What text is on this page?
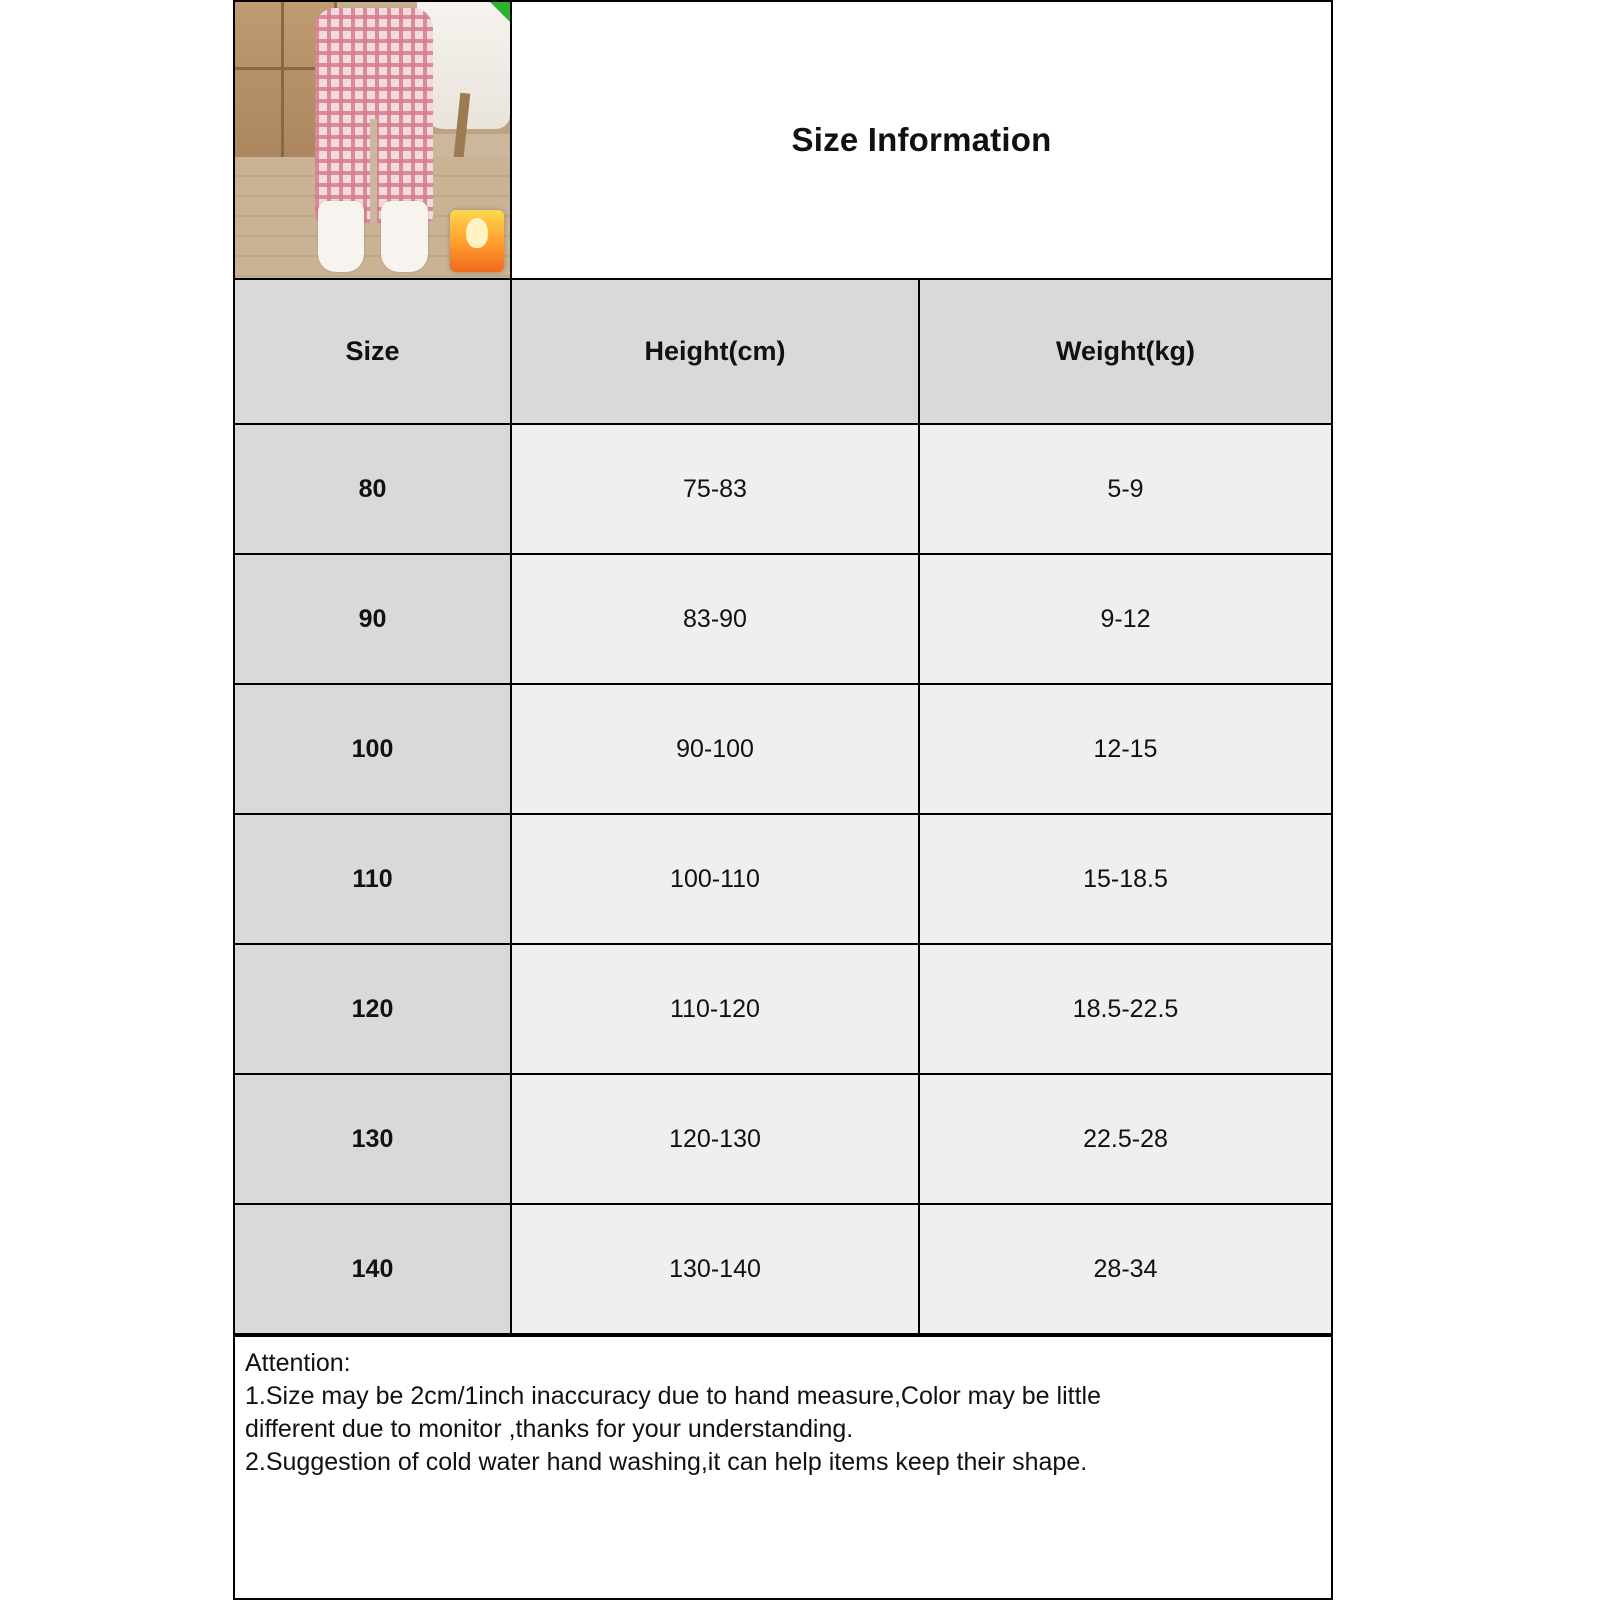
Size Information
Size	Height(cm)	Weight(kg)
80	75-83	5-9
90	83-90	9-12
100	90-100	12-15
110	100-110	15-18.5
120	110-120	18.5-22.5
130	120-130	22.5-28
140	130-140	28-34
Attention:
1.Size may be 2cm/1inch inaccuracy due to hand measure,Color may be little
different due to monitor ,thanks for your understanding.
2.Suggestion of cold water hand washing,it can help items keep their shape.
